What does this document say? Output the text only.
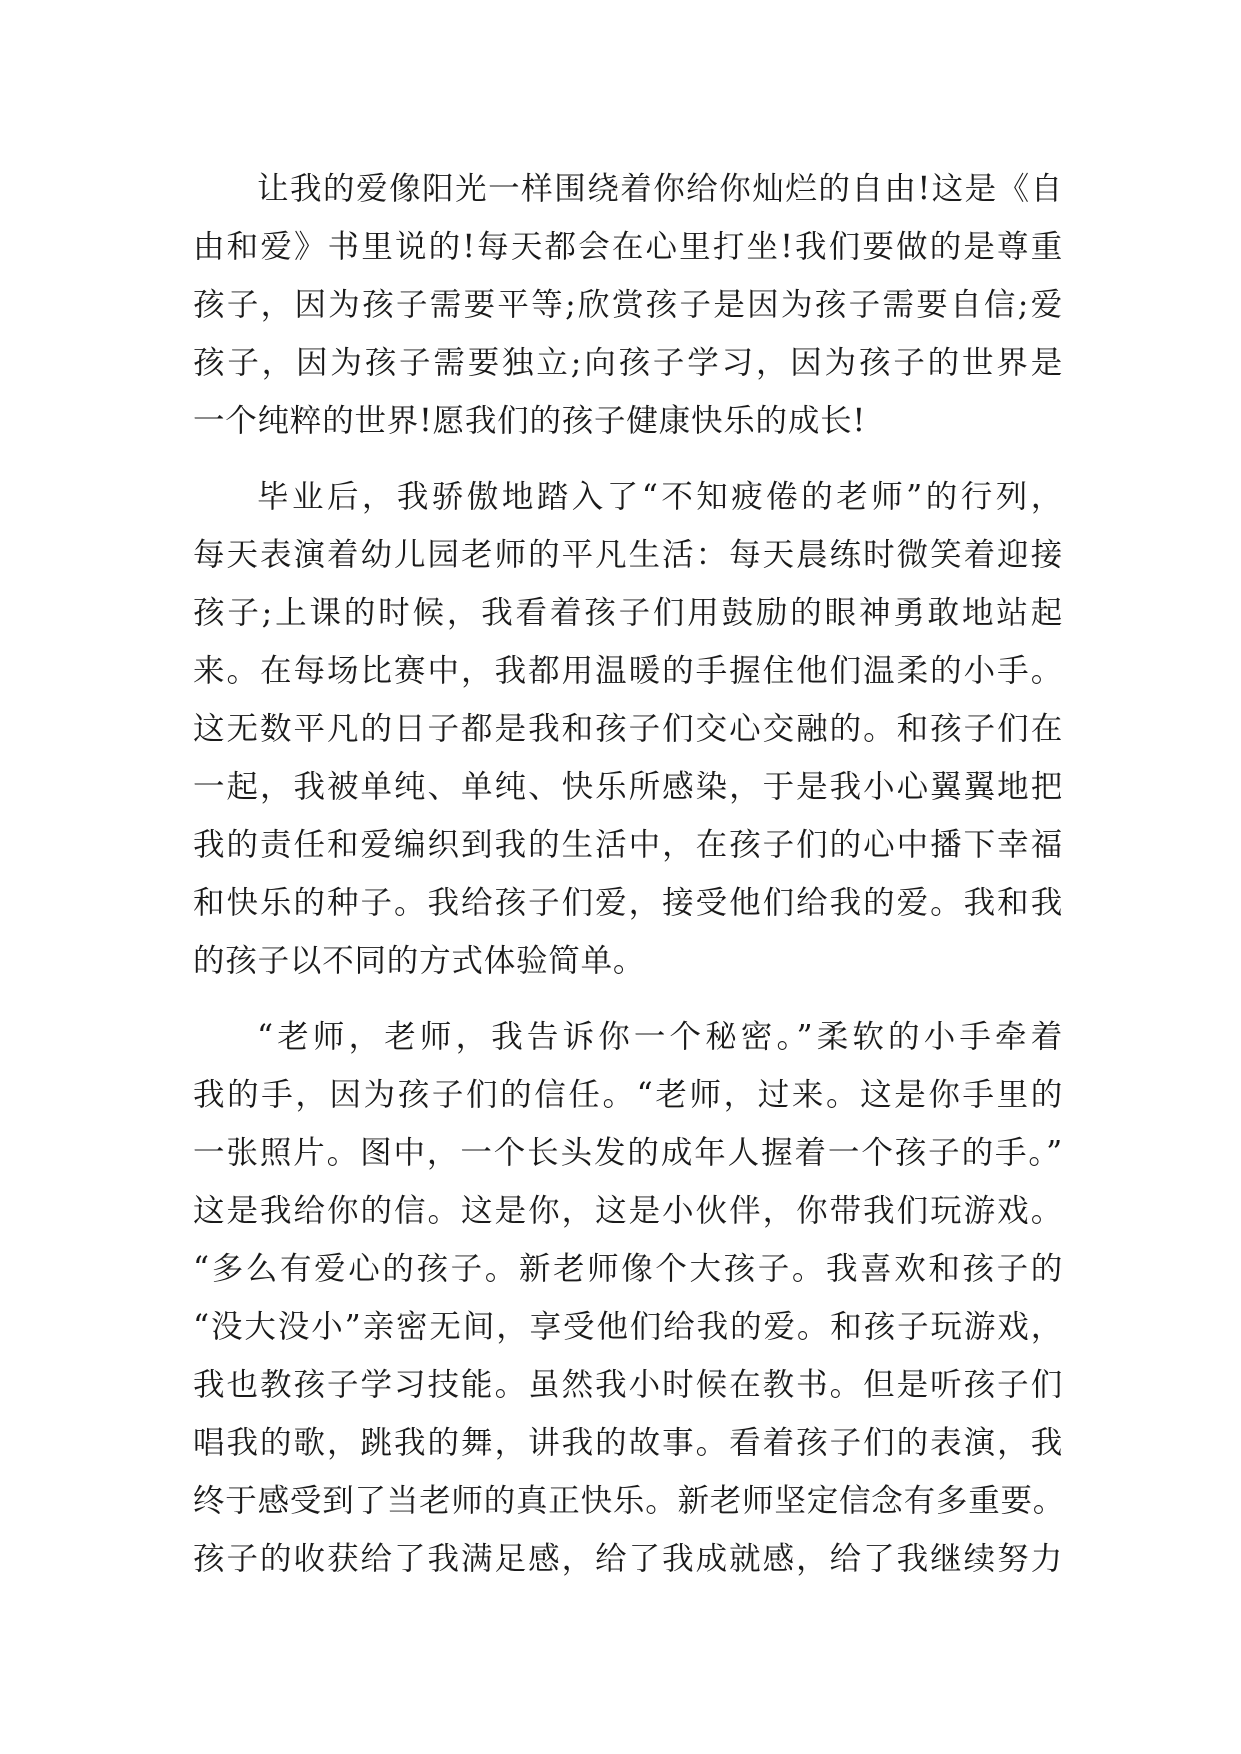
让我的爱像阳光一样围绕着你给你灿烂的自由!这是《自
由和爱》书里说的!每天都会在心里打坐!我们要做的是尊重
孩子，因为孩子需要平等;欣赏孩子是因为孩子需要自信;爱
孩子，因为孩子需要独立;向孩子学习，因为孩子的世界是
一个纯粹的世界!愿我们的孩子健康快乐的成长!
毕业后，我骄傲地踏入了“不知疲倦的老师”的行列，
每天表演着幼儿园老师的平凡生活：每天晨练时微笑着迎接
孩子;上课的时候，我看着孩子们用鼓励的眼神勇敢地站起
来。在每场比赛中，我都用温暖的手握住他们温柔的小手。
这无数平凡的日子都是我和孩子们交心交融的。和孩子们在
一起，我被单纯、单纯、快乐所感染，于是我小心翼翼地把
我的责任和爱编织到我的生活中，在孩子们的心中播下幸福
和快乐的种子。我给孩子们爱，接受他们给我的爱。我和我
的孩子以不同的方式体验简单。
“老师，老师，我告诉你一个秘密。”柔软的小手牵着
我的手，因为孩子们的信任。“老师，过来。这是你手里的
一张照片。图中，一个长头发的成年人握着一个孩子的手。”
这是我给你的信。这是你，这是小伙伴，你带我们玩游戏。
“多么有爱心的孩子。新老师像个大孩子。我喜欢和孩子的
“没大没小”亲密无间，享受他们给我的爱。和孩子玩游戏，
我也教孩子学习技能。虽然我小时候在教书。但是听孩子们
唱我的歌，跳我的舞，讲我的故事。看着孩子们的表演，我
终于感受到了当老师的真正快乐。新老师坚定信念有多重要。
孩子的收获给了我满足感，给了我成就感，给了我继续努力
